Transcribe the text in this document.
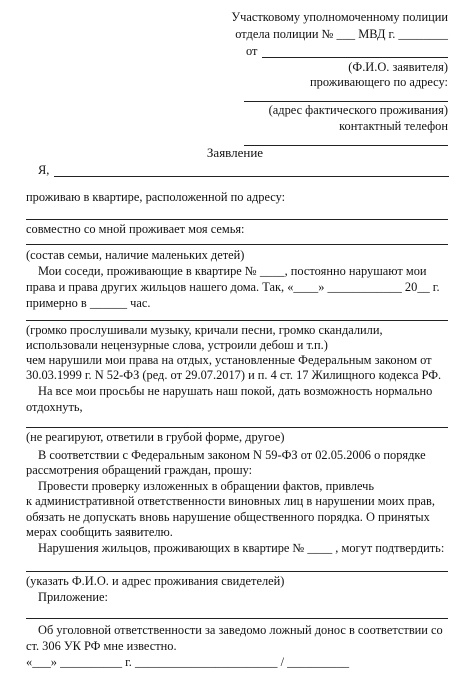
Участковому уполномоченному полиции
отдела полиции № ___ МВД г. ________
от
(Ф.И.О. заявителя)
проживающего по адресу:
(адрес фактического проживания)
контактный телефон
Заявление
Я,
проживаю в квартире, расположенной по адресу:
совместно со мной проживает моя семья:
(состав семьи, наличие маленьких детей)
Мои соседи, проживающие в квартире № ____, постоянно нарушают мои
права и права других жильцов нашего дома. Так, «____» ____________ 20__ г.
примерно в ______ час.
(громко прослушивали музыку, кричали песни, громко скандалили,
использовали нецензурные слова, устроили дебош и т.п.)
чем нарушили мои права на отдых, установленные Федеральным законом от
30.03.1999 г. N 52-ФЗ (ред. от 29.07.2017) и п. 4 ст. 17 Жилищного кодекса РФ.
На все мои просьбы не нарушать наш покой, дать возможность нормально
отдохнуть,
(не реагируют, ответили в грубой форме, другое)
В соответствии с Федеральным законом N 59-ФЗ от 02.05.2006 о порядке
рассмотрения обращений граждан, прошу:
Провести проверку изложенных в обращении фактов, привлечь
к административной ответственности виновных лиц в нарушении моих прав,
обязать не допускать вновь нарушение общественного порядка. О принятых
мерах сообщить заявителю.
Нарушения жильцов, проживающих в квартире № ____ , могут подтвердить:
(указать Ф.И.О. и адрес проживания свидетелей)
Приложение:
Об уголовной ответственности за заведомо ложный донос в соответствии со
ст. 306 УК РФ мне известно.
«___» __________ г. _______________________ / __________
